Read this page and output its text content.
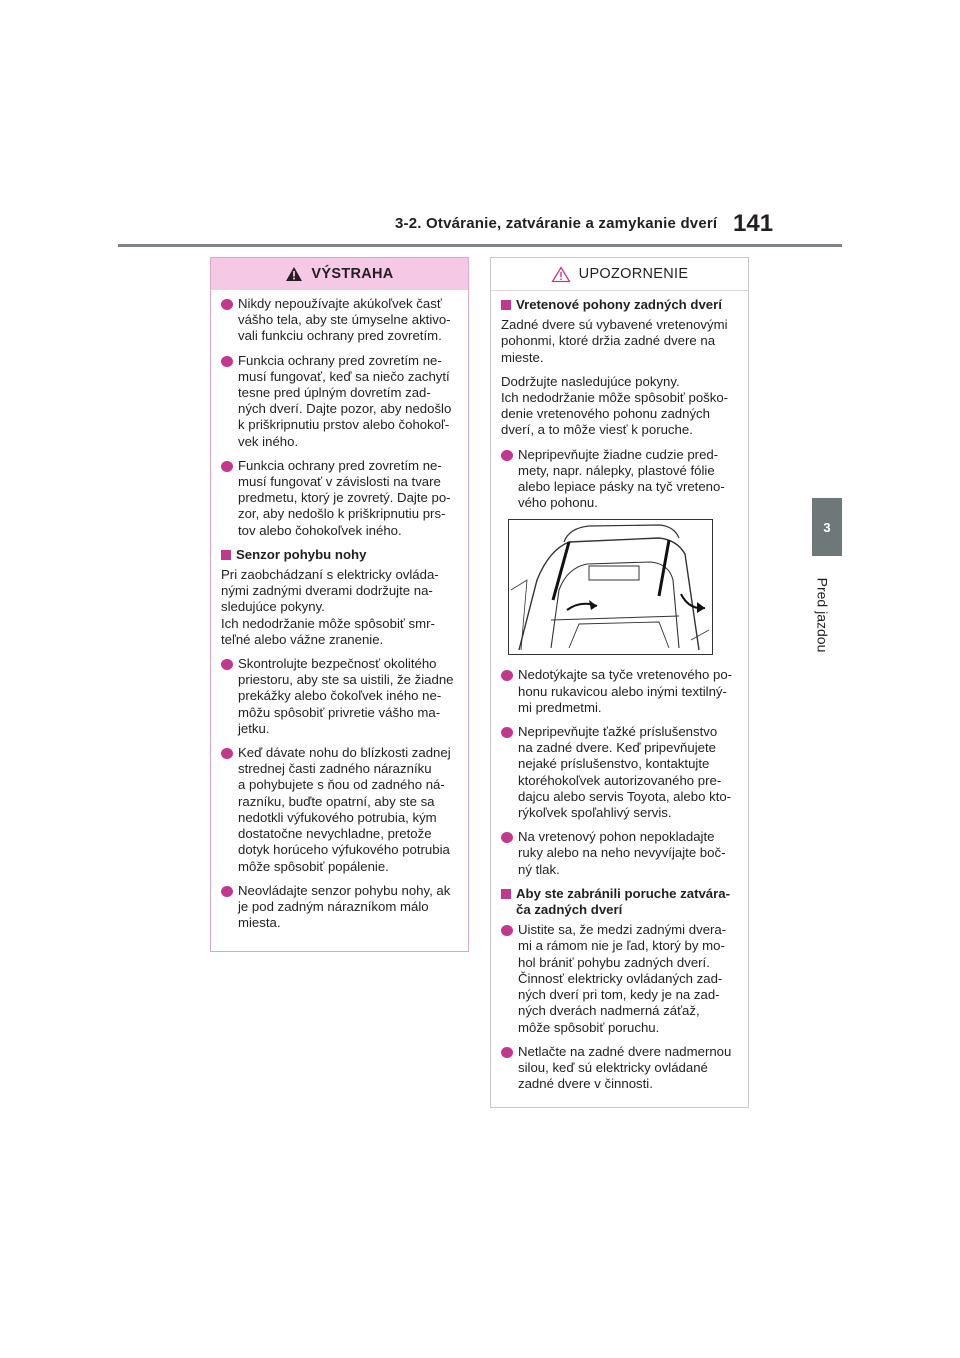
3-2. Otváranie, zatváranie a zamykanie dverí 141
3
Pred jazdou
VÝSTRAHA
Nikdy nepoužívajte akúkoľvek časť
vášho tela, aby ste úmyselne aktivo-
vali funkciu ochrany pred zovretím.
Funkcia ochrany pred zovretím ne-
musí fungovať, keď sa niečo zachytí
tesne pred úplným dovretím zad-
ných dverí. Dajte pozor, aby nedošlo
k priškripnutiu prstov alebo čohokoľ-
vek iného.
Funkcia ochrany pred zovretím ne-
musí fungovať v závislosti na tvare
predmetu, ktorý je zovretý. Dajte po-
zor, aby nedošlo k priškripnutiu prs-
tov alebo čohokoľvek iného.
Senzor pohybu nohy
Pri zaobchádzaní s elektricky ovláda-
nými zadnými dverami dodržujte na-
sledujúce pokyny.
Ich nedodržanie môže spôsobiť smr-
teľné alebo vážne zranenie.
Skontrolujte bezpečnosť okolitého
priestoru, aby ste sa uistili, že žiadne
prekážky alebo čokoľvek iného ne-
môžu spôsobiť privretie vášho ma-
jetku.
Keď dávate nohu do blízkosti zadnej
strednej časti zadného nárazníku
a pohybujete s ňou od zadného ná-
razníku, buďte opatrní, aby ste sa
nedotkli výfukového potrubia, kým
dostatočne nevychladne, pretože
dotyk horúceho výfukového potrubia
môže spôsobiť popálenie.
Neovládajte senzor pohybu nohy, ak
je pod zadným nárazníkom málo
miesta.
UPOZORNENIE
Vretenové pohony zadných dverí
Zadné dvere sú vybavené vretenovými
pohonmi, ktoré držia zadné dvere na
mieste.
Dodržujte nasledujúce pokyny.
Ich nedodržanie môže spôsobiť poško-
denie vretenového pohonu zadných
dverí, a to môže viesť k poruche.
Nepripevňujte žiadne cudzie pred-
mety, napr. nálepky, plastové fólie
alebo lepiace pásky na tyč vreteno-
vého pohonu.
Nedotýkajte sa tyče vretenového po-
honu rukavicou alebo inými textilný-
mi predmetmi.
Nepripevňujte ťažké príslušenstvo
na zadné dvere. Keď pripevňujete
nejaké príslušenstvo, kontaktujte
ktoréhokoľvek autorizovaného pre-
dajcu alebo servis Toyota, alebo kto-
rýkoľvek spoľahlivý servis.
Na vretenový pohon nepokladajte
ruky alebo na neho nevyvíjajte boč-
ný tlak.
Aby ste zabránili poruche zatvára-
ča zadných dverí
Uistite sa, že medzi zadnými dvera-
mi a rámom nie je ľad, ktorý by mo-
hol brániť pohybu zadných dverí.
Činnosť elektricky ovládaných zad-
ných dverí pri tom, kedy je na zad-
ných dverách nadmerná záťaž,
môže spôsobiť poruchu.
Netlačte na zadné dvere nadmernou
silou, keď sú elektricky ovládané
zadné dvere v činnosti.
